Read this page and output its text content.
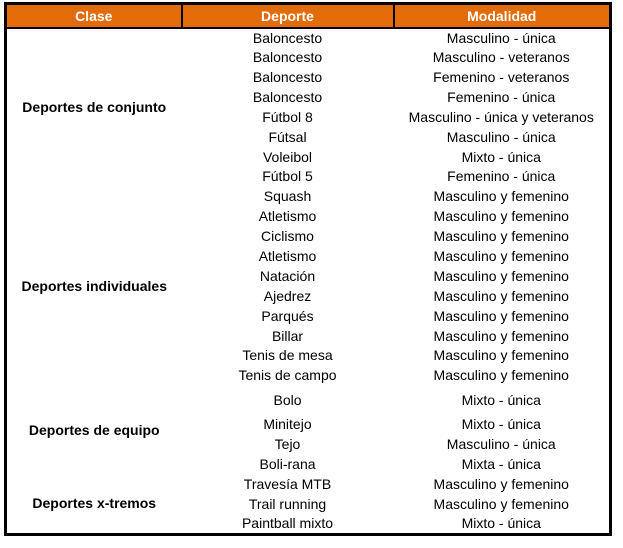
Clase	Deporte	Modalidad
Deportes de conjunto	Baloncesto	Masculino - única
	Baloncesto	Masculino - veteranos
	Baloncesto	Femenino - veteranos
	Baloncesto	Femenino - única
	Fútbol 8	Masculino - única y veteranos
	Fútsal	Masculino - única
	Voleibol	Mixto - única
	Fútbol 5	Femenino - única
Deportes individuales	Squash	Masculino y femenino
	Atletismo	Masculino y femenino
	Ciclismo	Masculino y femenino
	Atletismo	Masculino y femenino
	Natación	Masculino y femenino
	Ajedrez	Masculino y femenino
	Parqués	Masculino y femenino
	Billar	Masculino y femenino
	Tenis de mesa	Masculino y femenino
	Tenis de campo	Masculino y femenino
Deportes de equipo	Bolo	Mixto - única
	Minitejo	Mixto - única
	Tejo	Masculino - única
	Boli-rana	Mixta - única
Deportes x-tremos	Travesía MTB	Masculino y femenino
	Trail running	Masculino y femenino
	Paintball mixto	Mixto - única
